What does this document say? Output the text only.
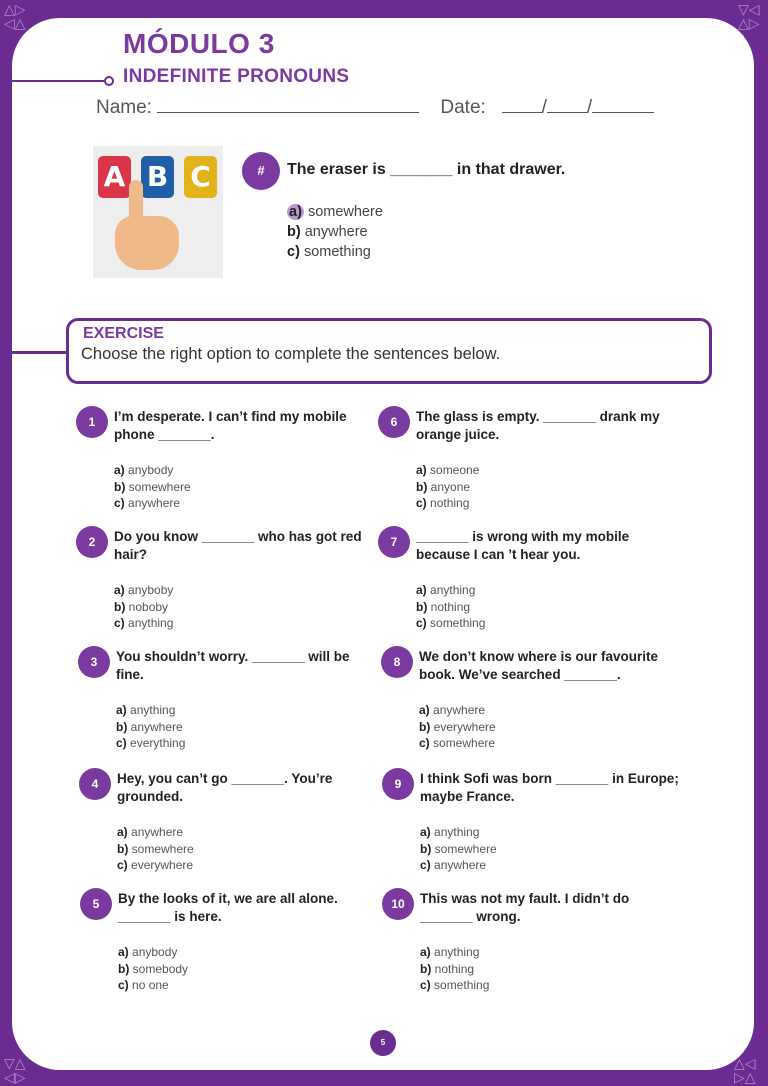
△▷
◁△
▽◁
△▷
▽△
◁▷
△◁
▷△
MÓDULO 3
INDEFINITE PRONOUNS
Name:	Date:	/ /
A B C	#	The eraser is _______ in that drawer.
a) somewhere
b) anywhere
c) something
EXERCISE
Choose the right option to complete the sentences below.
1	I’m desperate. I can’t find my mobile phone _______.
a) anybody
b) somewhere
c) anywhere
2	Do you know _______ who has got red hair?
a) anyboby
b) noboby
c) anything
3	You shouldn’t worry. _______ will be fine.
a) anything
b) anywhere
c) everything
4	Hey, you can’t go _______. You’re grounded.
a) anywhere
b) somewhere
c) everywhere
5	By the looks of it, we are all alone. _______ is here.
a) anybody
b) somebody
c) no one
6	The glass is empty. _______ drank my orange juice.
a) someone
b) anyone
c) nothing
7	_______ is wrong with my mobile because I can ’t hear you.
a) anything
b) nothing
c) something
8	We don’t know where is our favourite book. We’ve searched _______.
a) anywhere
b) everywhere
c) somewhere
9	I think Sofi was born _______ in Europe; maybe France.
a) anything
b) somewhere
c) anywhere
10	This was not my fault. I didn’t do _______ wrong.
a) anything
b) nothing
c) something
5
